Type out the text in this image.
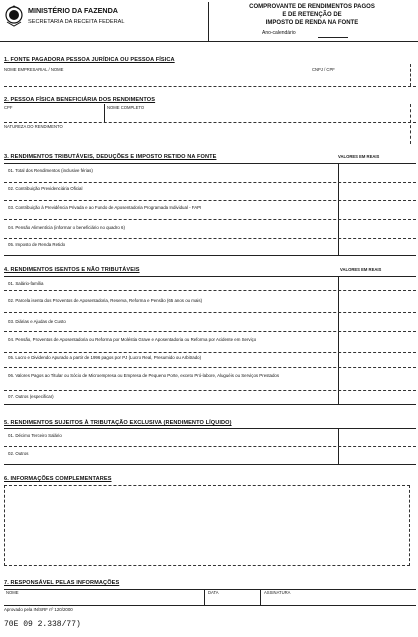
MINISTÉRIO DA FAZENDA
SECRETARIA DA RECEITA FEDERAL
COMPROVANTE DE RENDIMENTOS PAGOS
E DE RETENÇÃO DE
IMPOSTO DE RENDA NA FONTE
Ano-calendário
1. FONTE PAGADORA PESSOA JURÍDICA OU PESSOA FÍSICA
NOME EMPRESARIAL / NOME	CNPJ / CPF
2. PESSOA FÍSICA BENEFICIÁRIA DOS RENDIMENTOS
CPF	NOME COMPLETO
NATUREZA DO RENDIMENTO
3. RENDIMENTOS TRIBUTÁVEIS, DEDUÇÕES E IMPOSTO RETIDO NA FONTE	VALORES EM REAIS
01. Total dos Rendimentos (inclusive férias)
02. Contribuição Previdenciária Oficial
03. Contribuição à Previdência Privada e ao Fundo de Aposentadoria Programada Individual - FAPI
04. Pensão Alimentícia (informar o beneficiário no quadro 6)
05. Imposto de Renda Retido
4. RENDIMENTOS ISENTOS E NÃO TRIBUTÁVEIS	VALORES EM REAIS
01. Salário-família
02. Parcela isenta dos Proventos de Aposentadoria, Reserva, Reforma e Pensão (65 anos ou mais)
03. Diárias e Ajudas de Custo
04. Pensão, Proventos de Aposentadoria ou Reforma por Moléstia Grave e Aposentadoria ou Reforma por Acidente em Serviço
05. Lucro e Dividendo Apurado a partir de 1996 pagos por PJ (Lucro Real, Presumido ou Arbitrado)
06. Valores Pagos ao Titular ou Sócio de Microempresa ou Empresa de Pequeno Porte, exceto Pró-labore, Aluguéis ou Serviços Prestados
07. Outros (especificar)
5. RENDIMENTOS SUJEITOS À TRIBUTAÇÃO EXCLUSIVA (RENDIMENTO LÍQUIDO)
01. Décimo Terceiro Salário
02. Outros
6. INFORMAÇÕES COMPLEMENTARES
7. RESPONSÁVEL PELAS INFORMAÇÕES
NOME	DATA	ASSINATURA
Aprovado pela IN/SRF nº 120/2000
70E 09 2.338/77)
